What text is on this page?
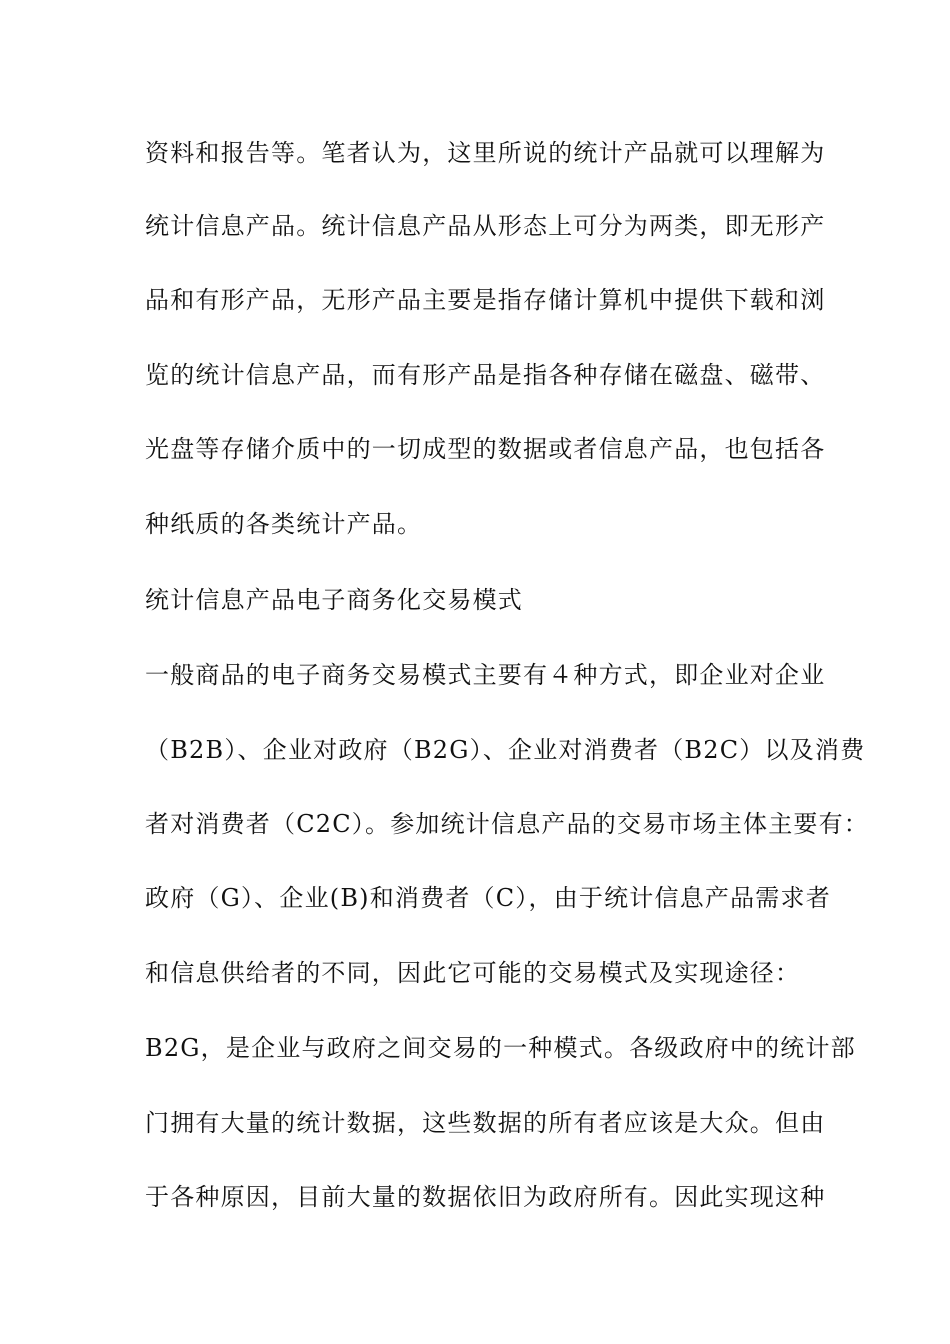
资料和报告等。笔者认为，这里所说的统计产品就可以理解为
统计信息产品。统计信息产品从形态上可分为两类，即无形产
品和有形产品，无形产品主要是指存储计算机中提供下载和浏
览的统计信息产品，而有形产品是指各种存储在磁盘、磁带、
光盘等存储介质中的一切成型的数据或者信息产品，也包括各
种纸质的各类统计产品。
统计信息产品电子商务化交易模式
一般商品的电子商务交易模式主要有４种方式，即企业对企业
（B2B）、企业对政府（B2G）、企业对消费者（B2C）以及消费
者对消费者（C2C）。参加统计信息产品的交易市场主体主要有：
政府（G）、企业(B)和消费者（C），由于统计信息产品需求者
和信息供给者的不同，因此它可能的交易模式及实现途径：
B2G，是企业与政府之间交易的一种模式。各级政府中的统计部
门拥有大量的统计数据，这些数据的所有者应该是大众。但由
于各种原因，目前大量的数据依旧为政府所有。因此实现这种
